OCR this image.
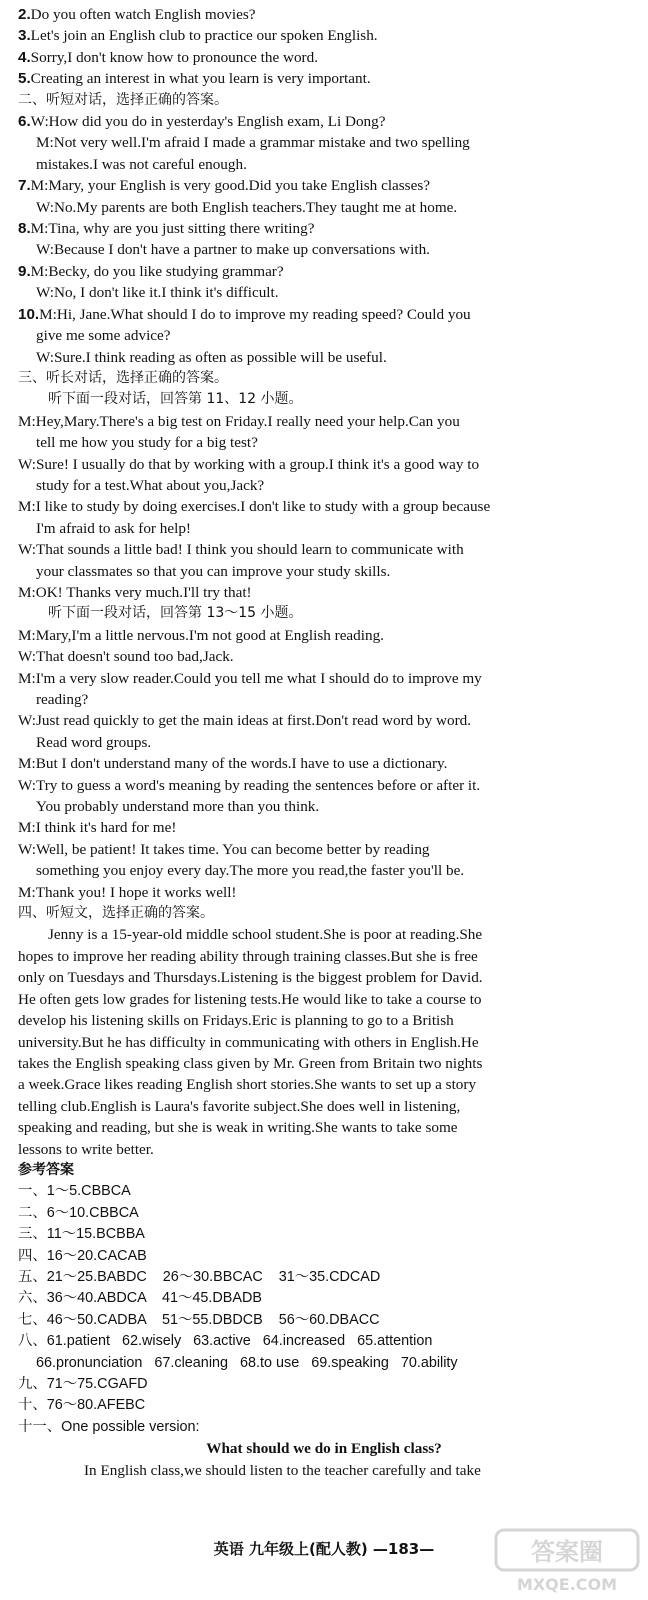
2.Do you often watch English movies?
3.Let's join an English club to practice our spoken English.
4.Sorry,I don't know how to pronounce the word.
5.Creating an interest in what you learn is very important.
二、听短对话，选择正确的答案。
6.W:How did you do in yesterday's English exam, Li Dong?
M:Not very well.I'm afraid I made a grammar mistake and two spelling
mistakes.I was not careful enough.
7.M:Mary, your English is very good.Did you take English classes?
W:No.My parents are both English teachers.They taught me at home.
8.M:Tina, why are you just sitting there writing?
W:Because I don't have a partner to make up conversations with.
9.M:Becky, do you like studying grammar?
W:No, I don't like it.I think it's difficult.
10.M:Hi, Jane.What should I do to improve my reading speed? Could you
give me some advice?
W:Sure.I think reading as often as possible will be useful.
三、听长对话，选择正确的答案。
听下面一段对话，回答第 11、12 小题。
M:Hey,Mary.There's a big test on Friday.I really need your help.Can you
tell me how you study for a big test?
W:Sure! I usually do that by working with a group.I think it's a good way to
study for a test.What about you,Jack?
M:I like to study by doing exercises.I don't like to study with a group because
I'm afraid to ask for help!
W:That sounds a little bad! I think you should learn to communicate with
your classmates so that you can improve your study skills.
M:OK! Thanks very much.I'll try that!
听下面一段对话，回答第 13～15 小题。
M:Mary,I'm a little nervous.I'm not good at English reading.
W:That doesn't sound too bad,Jack.
M:I'm a very slow reader.Could you tell me what I should do to improve my
reading?
W:Just read quickly to get the main ideas at first.Don't read word by word.
Read word groups.
M:But I don't understand many of the words.I have to use a dictionary.
W:Try to guess a word's meaning by reading the sentences before or after it.
You probably understand more than you think.
M:I think it's hard for me!
W:Well, be patient! It takes time. You can become better by reading
something you enjoy every day.The more you read,the faster you'll be.
M:Thank you! I hope it works well!
四、听短文，选择正确的答案。
Jenny is a 15-year-old middle school student.She is poor at reading.She
hopes to improve her reading ability through training classes.But she is free
only on Tuesdays and Thursdays.Listening is the biggest problem for David.
He often gets low grades for listening tests.He would like to take a course to
develop his listening skills on Fridays.Eric is planning to go to a British
university.But he has difficulty in communicating with others in English.He
takes the English speaking class given by Mr. Green from Britain two nights
a week.Grace likes reading English short stories.She wants to set up a story
telling club.English is Laura's favorite subject.She does well in listening,
speaking and reading, but she is weak in writing.She wants to take some
lessons to write better.
参考答案
一、1～5.CBBCA
二、6～10.CBBCA
三、11～15.BCBBA
四、16～20.CACAB
五、21～25.BABDC    26～30.BBCAC    31～35.CDCAD
六、36～40.ABDCA    41～45.DBADB
七、46～50.CADBA    51～55.DBDCB    56～60.DBACC
八、61.patient   62.wisely   63.active   64.increased   65.attention
66.pronunciation   67.cleaning   68.to use   69.speaking   70.ability
九、71～75.CGAFD
十、76～80.AFEBC
十一、One possible version:
What should we do in English class?
In English class,we should listen to the teacher carefully and take
英语 九年级上(配人教) —183—	答案圈
MXQE.COM
